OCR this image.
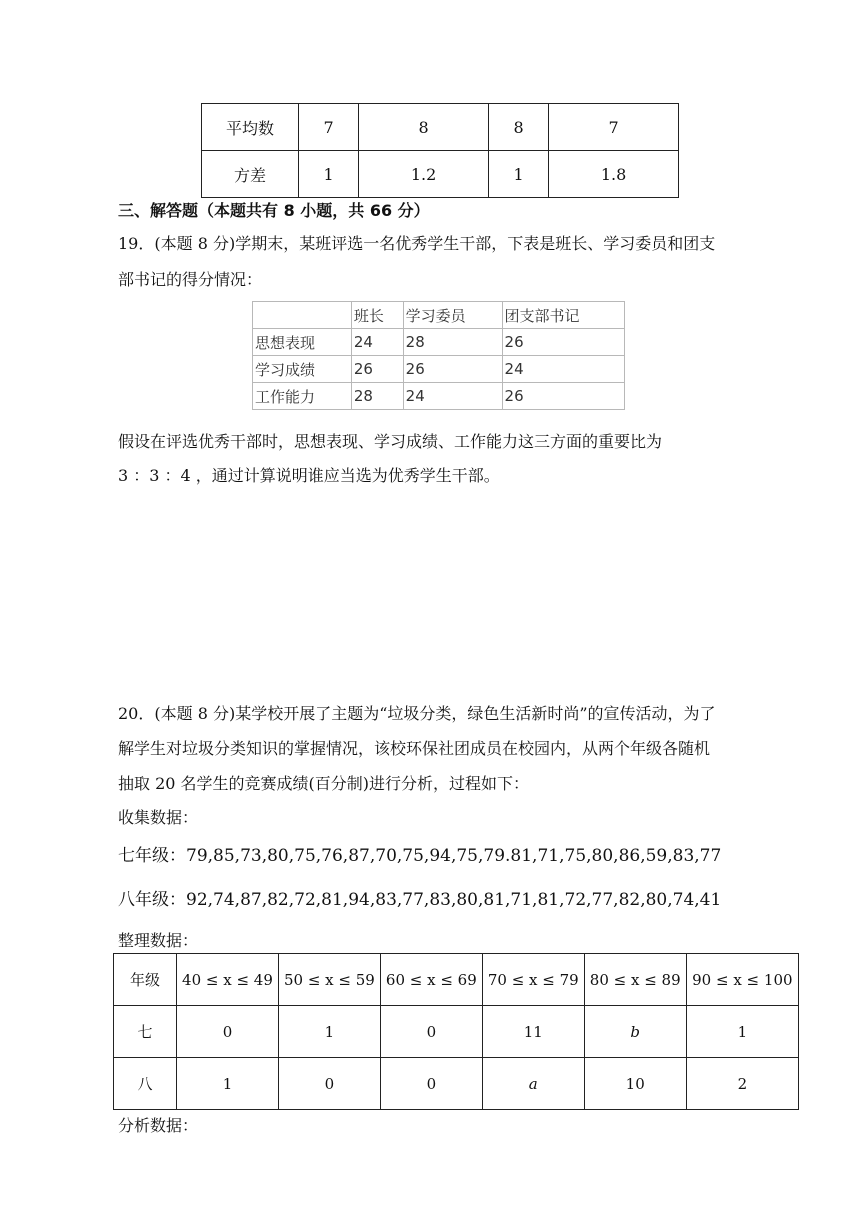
平均数	7	8	8	7
方差	1	1.2	1	1.8
三、解答题（本题共有 8 小题，共 66 分）
19．(本题 8 分)学期末，某班评选一名优秀学生干部，下表是班长、学习委员和团支
部书记的得分情况：
	班长	学习委员	团支部书记
思想表现	24	28	26
学习成绩	26	26	24
工作能力	28	24	26
假设在评选优秀干部时，思想表现、学习成绩、工作能力这三方面的重要比为
3 ：3 ：4 ，通过计算说明谁应当选为优秀学生干部。
20．(本题 8 分)某学校开展了主题为“垃圾分类，绿色生活新时尚”的宣传活动，为了
解学生对垃圾分类知识的掌握情况，该校环保社团成员在校园内，从两个年级各随机
抽取 20 名学生的竞赛成绩(百分制)进行分析，过程如下：
收集数据：
七年级：79,85,73,80,75,76,87,70,75,94,75,79.81,71,75,80,86,59,83,77
八年级：92,74,87,82,72,81,94,83,77,83,80,81,71,81,72,77,82,80,74,41
整理数据：
年级	40 ≤ x ≤ 49	50 ≤ x ≤ 59	60 ≤ x ≤ 69	70 ≤ x ≤ 79	80 ≤ x ≤ 89	90 ≤ x ≤ 100
七	0	1	0	11	b	1
八	1	0	0	a	10	2
分析数据：
